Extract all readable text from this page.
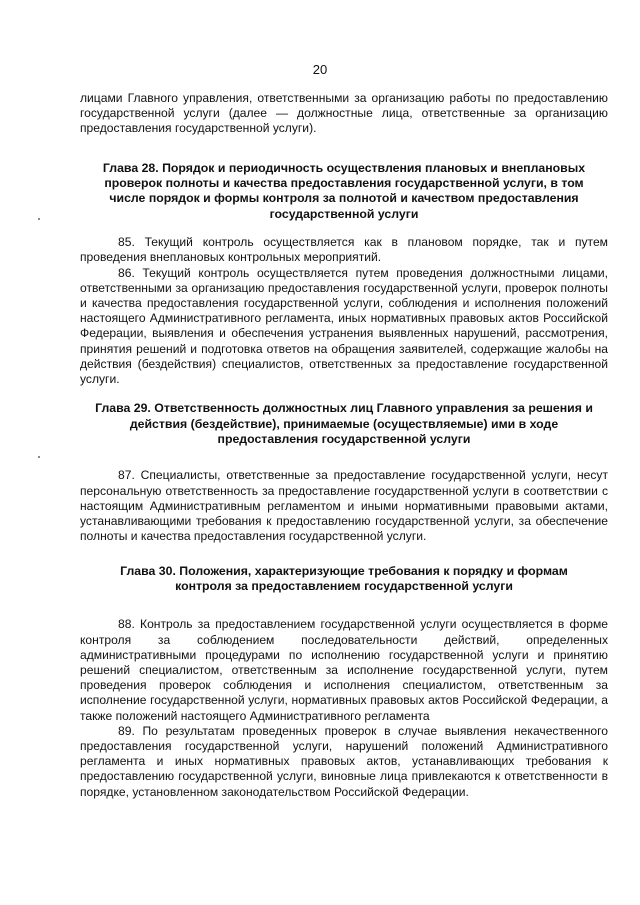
20

лицами Главного управления, ответственными за организацию работы по предоставлению государственной услуги (далее — должностные лица, ответственные за организацию предоставления государственной услуги).

Глава 28. Порядок и периодичность осуществления плановых и внеплановых проверок полноты и качества предоставления государственной услуги, в том числе порядок и формы контроля за полнотой и качеством предоставления государственной услуги

85. Текущий контроль осуществляется как в плановом порядке, так и путем проведения внеплановых контрольных мероприятий.

86. Текущий контроль осуществляется путем проведения должностными лицами, ответственными за организацию предоставления государственной услуги, проверок полноты и качества предоставления государственной услуги, соблюдения и исполнения положений настоящего Административного регламента, иных нормативных правовых актов Российской Федерации, выявления и обеспечения устранения выявленных нарушений, рассмотрения, принятия решений и подготовка ответов на обращения заявителей, содержащие жалобы на действия (бездействия) специалистов, ответственных за предоставление государственной услуги.

Глава 29. Ответственность должностных лиц Главного управления за решения и действия (бездействие), принимаемые (осуществляемые) ими в ходе предоставления государственной услуги

87. Специалисты, ответственные за предоставление государственной услуги, несут персональную ответственность за предоставление государственной услуги в соответствии с настоящим Административным регламентом и иными нормативными правовыми актами, устанавливающими требования к предоставлению государственной услуги, за обеспечение полноты и качества предоставления государственной услуги.

Глава 30. Положения, характеризующие требования к порядку и формам контроля за предоставлением государственной услуги

88. Контроль за предоставлением государственной услуги осуществляется в форме контроля за соблюдением последовательности действий, определенных административными процедурами по исполнению государственной услуги и принятию решений специалистом, ответственным за исполнение государственной услуги, путем проведения проверок соблюдения и исполнения специалистом, ответственным за исполнение государственной услуги, нормативных правовых актов Российской Федерации, а также положений настоящего Административного регламента

89. По результатам проведенных проверок в случае выявления некачественного предоставления государственной услуги, нарушений положений Административного регламента и иных нормативных правовых актов, устанавливающих требования к предоставлению государственной услуги, виновные лица привлекаются к ответственности в порядке, установленном законодательством Российской Федерации.
